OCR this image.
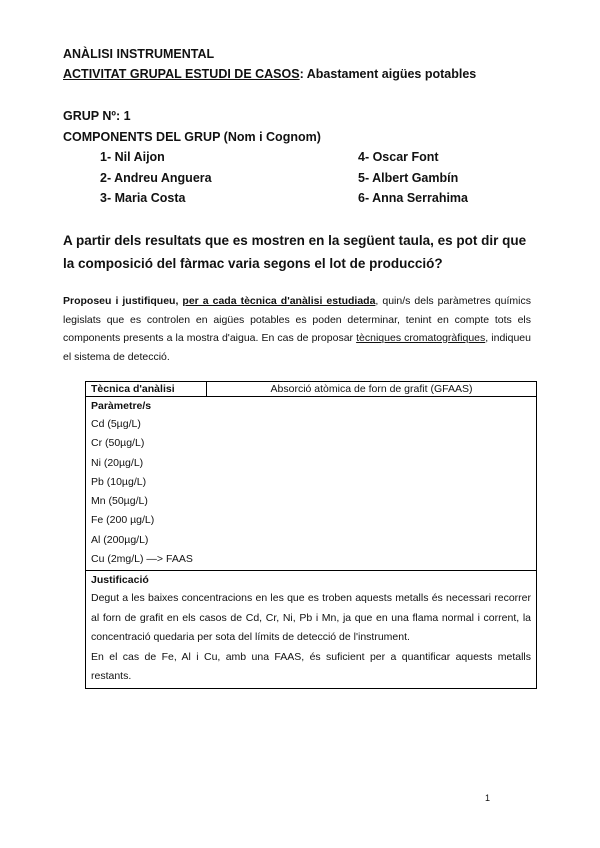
ANÀLISI INSTRUMENTAL
ACTIVITAT GRUPAL ESTUDI DE CASOS: Abastament aigües potables
GRUP Nº: 1
COMPONENTS DEL GRUP (Nom i Cognom)
1- Nil Aijon
2- Andreu Anguera
3- Maria Costa
4- Oscar Font
5- Albert Gambín
6- Anna Serrahima
A partir dels resultats que es mostren en la següent taula, es pot dir que la composició del fàrmac varia segons el lot de producció?
Proposeu i justifiqueu, per a cada tècnica d'anàlisi estudiada, quin/s dels paràmetres químics legislats que es controlen en aigües potables es poden determinar, tenint en compte tots els components presents a la mostra d'aigua. En cas de proposar tècniques cromatogràfiques, indiqueu el sistema de detecció.
Tècnica d'anàlisi	Absorció atòmica de forn de grafit (GFAAS)

Paràmetre/s
Cd (5µg/L)
Cr (50µg/L)
Ni (20µg/L)
Pb (10µg/L)
Mn (50µg/L)
Fe (200 µg/L)
Al (200µg/L)
Cu (2mg/L) —> FAAS

Justificació
Degut a les baixes concentracions en les que es troben aquests metalls és necessari recorrer al forn de grafit en els casos de Cd, Cr, Ni, Pb i Mn, ja que en una flama normal i corrent, la concentració quedaria per sota del límits de detecció de l'instrument.
En el cas de Fe, Al i Cu, amb una FAAS, és suficient per a quantificar aquests metalls restants.
1
